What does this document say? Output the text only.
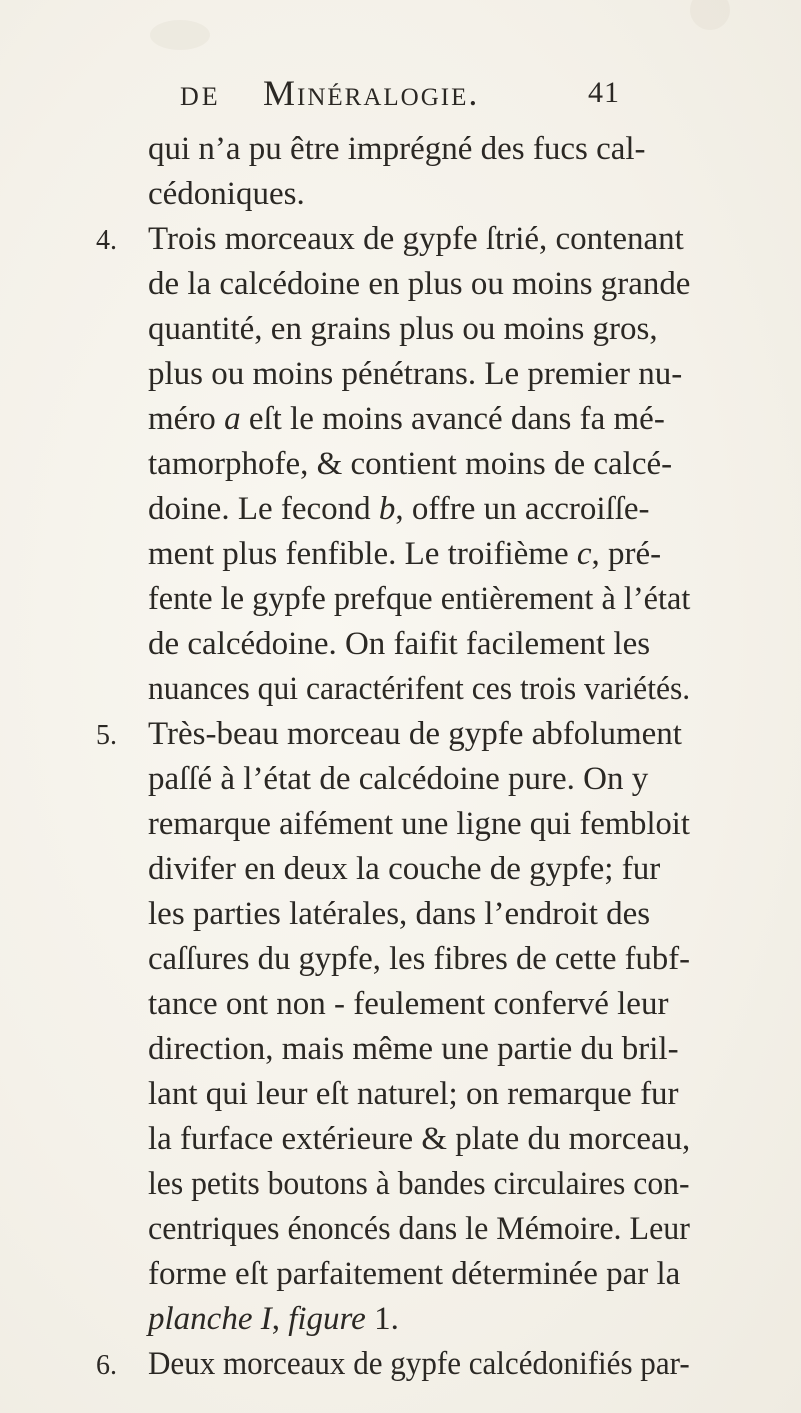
DE Minéralogie.	41
qui n’a pu être imprégné des fucs cal-
cédoniques.
4. Trois morceaux de gypfe ſtrié, contenant
de la calcédoine en plus ou moins grande
quantité, en grains plus ou moins gros,
plus ou moins pénétrans. Le premier nu-
méro a eſt le moins avancé dans fa mé-
tamorphofe, & contient moins de calcé-
doine. Le fecond b, offre un accroiſſe-
ment plus fenfible. Le troifième c, pré-
fente le gypfe prefque entièrement à l’état
de calcédoine. On faifit facilement les
nuances qui caractérifent ces trois variétés.
5. Très-beau morceau de gypfe abfolument
paſſé à l’état de calcédoine pure. On y
remarque aifément une ligne qui fembloit
divifer en deux la couche de gypfe; fur
les parties latérales, dans l’endroit des
caſſures du gypfe, les fibres de cette fubf-
tance ont non - feulement confervé leur
direction, mais même une partie du bril-
lant qui leur eſt naturel; on remarque fur
la furface extérieure & plate du morceau,
les petits boutons à bandes circulaires con-
centriques énoncés dans le Mémoire. Leur
forme eſt parfaitement déterminée par la
planche I, figure 1.
6. Deux morceaux de gypfe calcédonifiés par-
